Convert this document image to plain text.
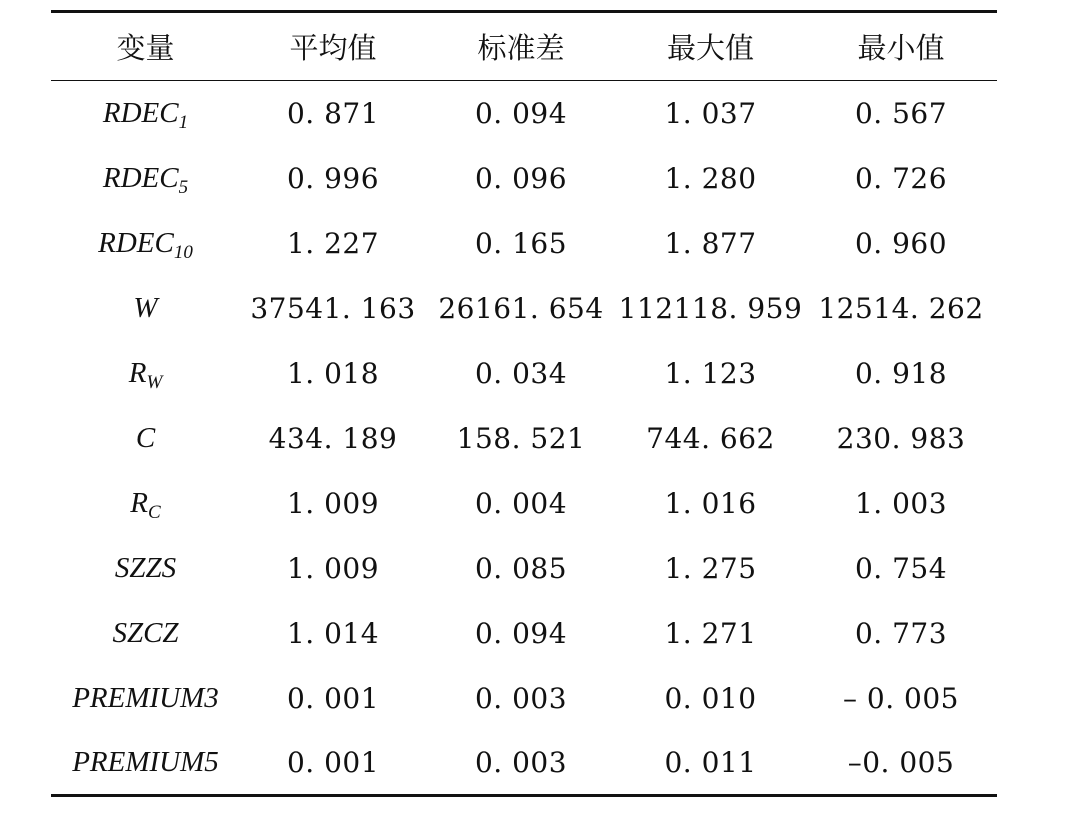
变量	平均值	标准差	最大值	最小值
$RDEC_1$	0. 871	0. 094	1. 037	0. 567
$RDEC_5$	0. 996	0. 096	1. 280	0. 726
$RDEC_{10}$	1. 227	0. 165	1. 877	0. 960
W	37541. 163	26161. 654	112118. 959	12514. 262
$R_W$	1. 018	0. 034	1. 123	0. 918
C	434. 189	158. 521	744. 662	230. 983
$R_C$	1. 009	0. 004	1. 016	1. 003
SZZS	1. 009	0. 085	1. 275	0. 754
SZCZ	1. 014	0. 094	1. 271	0. 773
PREMIUM3	0. 001	0. 003	0. 010	– 0. 005
PREMIUM5	0. 001	0. 003	0. 011	–0. 005
